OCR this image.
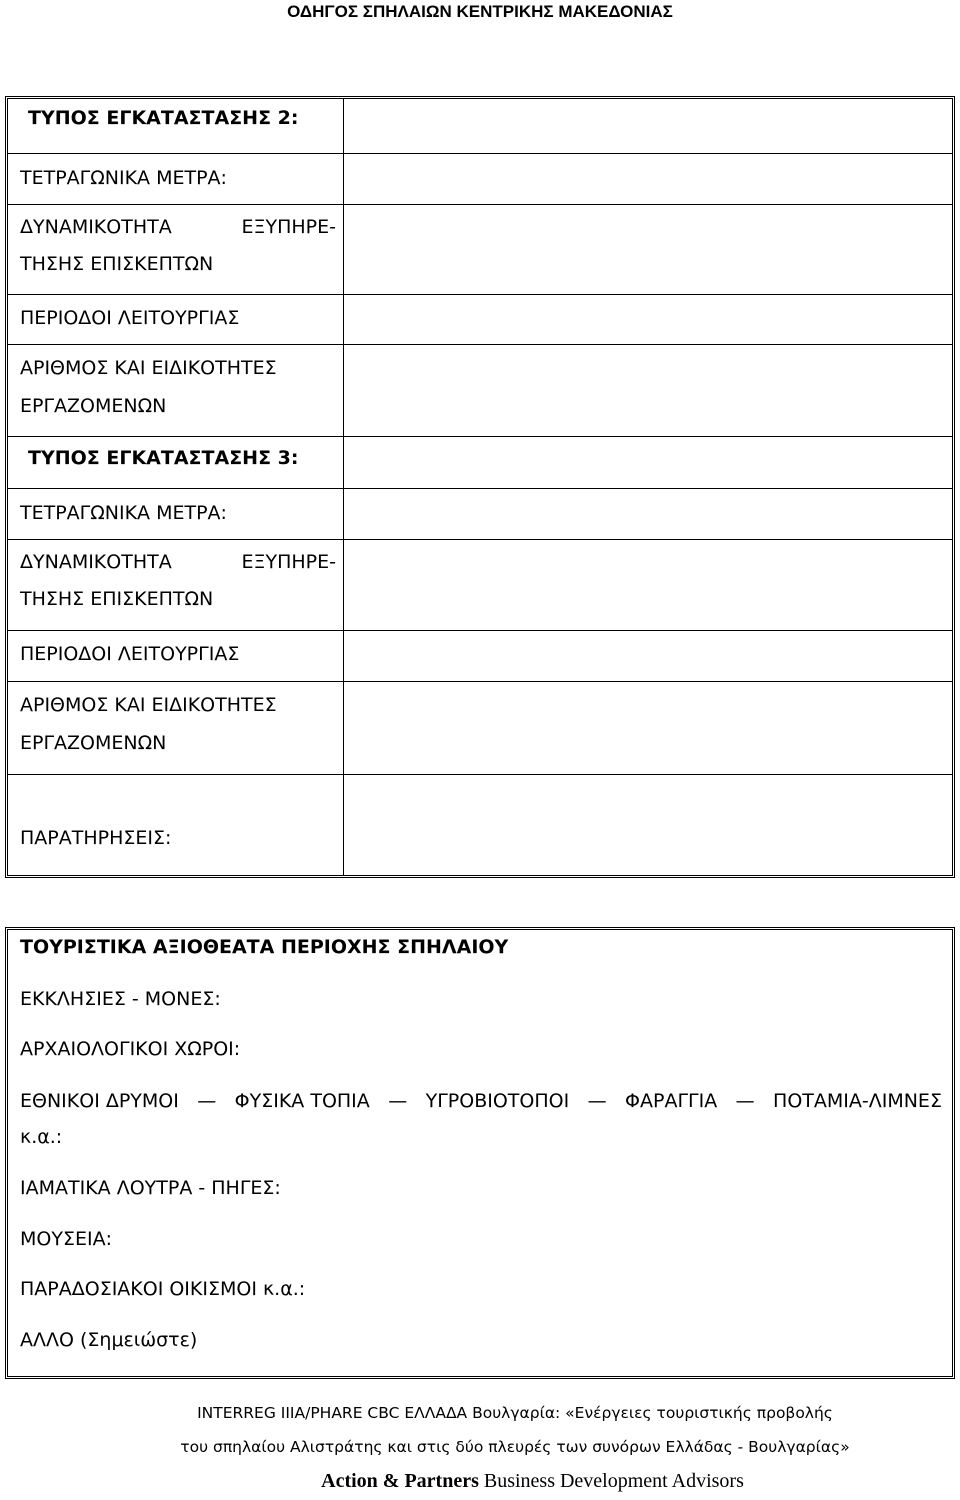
ΟΔΗΓΟΣ ΣΠΗΛΑΙΩΝ ΚΕΝΤΡΙΚΗΣ ΜΑΚΕΔΟΝΙΑΣ
ΤΥΠΟΣ ΕΓΚΑΤΑΣΤΑΣΗΣ 2:
ΤΕΤΡΑΓΩΝΙΚΑ ΜΕΤΡΑ:
ΔΥΝΑΜΙΚΟΤΗΤΑ	ΕΞΥΠΗΡΕ-
ΤΗΣΗΣ ΕΠΙΣΚΕΠΤΩΝ
ΠΕΡΙΟΔΟΙ ΛΕΙΤΟΥΡΓΙΑΣ
ΑΡΙΘΜΟΣ ΚΑΙ ΕΙΔΙΚΟΤΗΤΕΣ
ΕΡΓΑΖΟΜΕΝΩΝ
ΤΥΠΟΣ ΕΓΚΑΤΑΣΤΑΣΗΣ 3:
ΤΕΤΡΑΓΩΝΙΚΑ ΜΕΤΡΑ:
ΔΥΝΑΜΙΚΟΤΗΤΑ	ΕΞΥΠΗΡΕ-
ΤΗΣΗΣ ΕΠΙΣΚΕΠΤΩΝ
ΠΕΡΙΟΔΟΙ ΛΕΙΤΟΥΡΓΙΑΣ
ΑΡΙΘΜΟΣ ΚΑΙ ΕΙΔΙΚΟΤΗΤΕΣ
ΕΡΓΑΖΟΜΕΝΩΝ
ΠΑΡΑΤΗΡΗΣΕΙΣ:
ΤΟΥΡΙΣΤΙΚΑ ΑΞΙΟΘΕΑΤΑ ΠΕΡΙΟΧΗΣ ΣΠΗΛΑΙΟΥ
ΕΚΚΛΗΣΙΕΣ - ΜΟΝΕΣ:
ΑΡΧΑΙΟΛΟΓΙΚΟΙ ΧΩΡΟΙ:
ΕΘΝΙΚΟΙ ΔΡΥΜΟΙ — ΦΥΣΙΚΑ ΤΟΠΙΑ — ΥΓΡΟΒΙΟΤΟΠΟΙ — ΦΑΡΑΓΓΙΑ — ΠΟΤΑΜΙΑ-ΛΙΜΝΕΣ
κ.α.:
ΙΑΜΑΤΙΚΑ ΛΟΥΤΡΑ - ΠΗΓΕΣ:
ΜΟΥΣΕΙΑ:
ΠΑΡΑΔΟΣΙΑΚΟΙ ΟΙΚΙΣΜΟΙ κ.α.:
ΑΛΛΟ (Σημειώστε)
INTERREG IIIA/PHARE CBC ΕΛΛΑΔΑ Βουλγαρία: «Ενέργειες τουριστικής προβολής
του σπηλαίου Αλιστράτης και στις δύο πλευρές των συνόρων Ελλάδας - Βουλγαρίας»
Action & Partners Business Development Advisors
